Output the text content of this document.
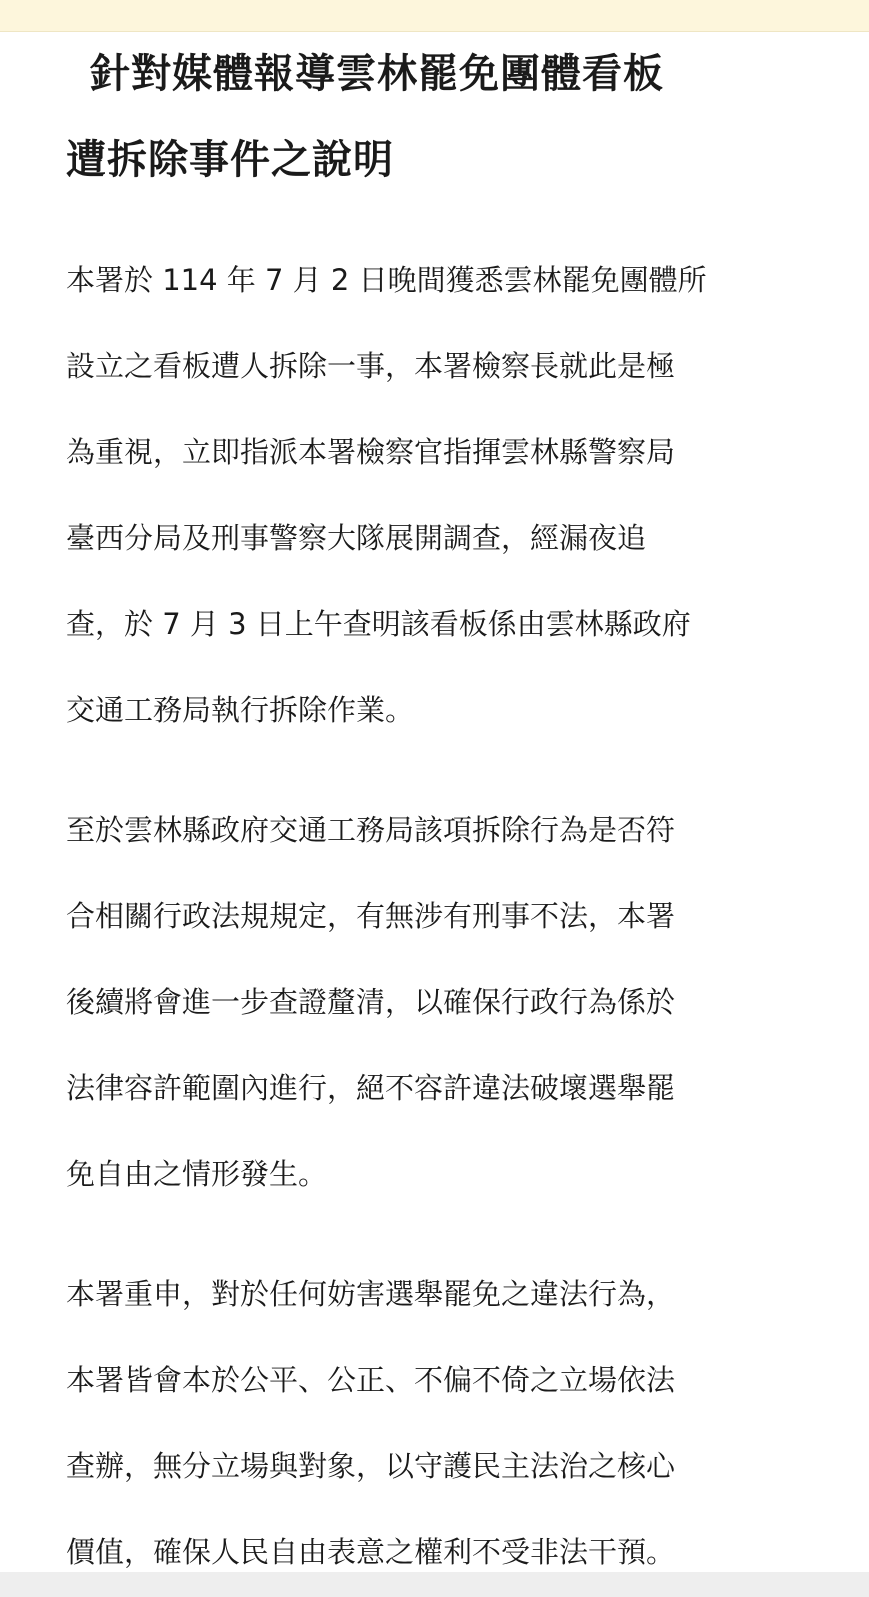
針對媒體報導雲林罷免團體看板
遭拆除事件之說明

本署於 114 年 7 月 2 日晚間獲悉雲林罷免團體所
設立之看板遭人拆除一事，本署檢察長就此是極
為重視，立即指派本署檢察官指揮雲林縣警察局
臺西分局及刑事警察大隊展開調查，經漏夜追
查，於 7 月 3 日上午查明該看板係由雲林縣政府
交通工務局執行拆除作業。

至於雲林縣政府交通工務局該項拆除行為是否符
合相關行政法規規定，有無涉有刑事不法，本署
後續將會進一步查證釐清，以確保行政行為係於
法律容許範圍內進行，絕不容許違法破壞選舉罷
免自由之情形發生。

本署重申，對於任何妨害選舉罷免之違法行為，
本署皆會本於公平、公正、不偏不倚之立場依法
查辦，無分立場與對象，以守護民主法治之核心
價值，確保人民自由表意之權利不受非法干預。
